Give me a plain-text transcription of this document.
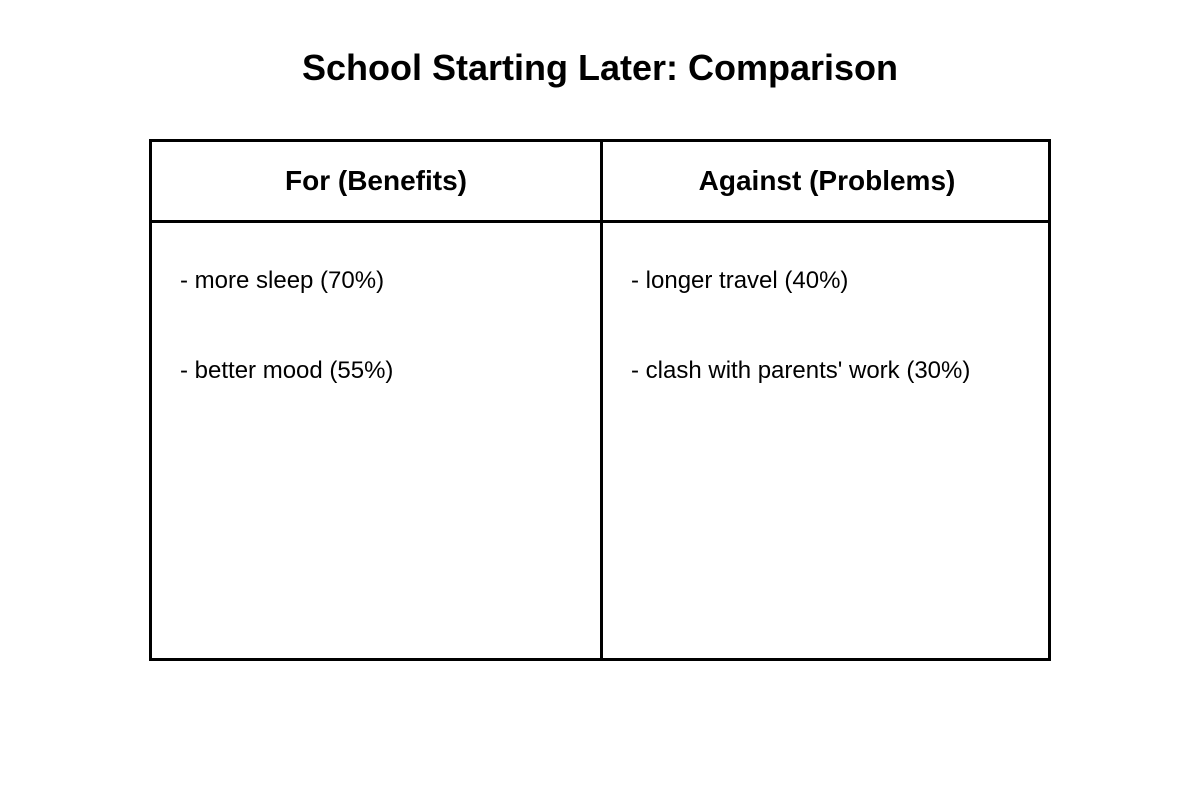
School Starting Later: Comparison
For (Benefits)
- more sleep (70%)
- better mood (55%)
Against (Problems)
- longer travel (40%)
- clash with parents' work (30%)
